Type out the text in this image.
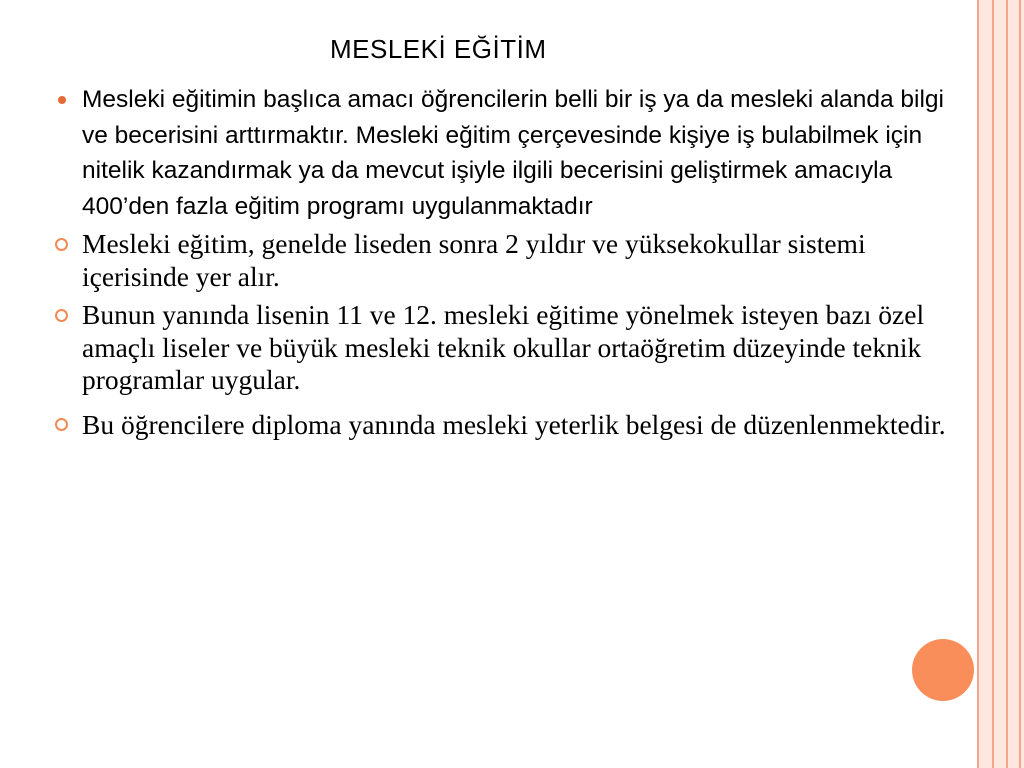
MESLEKİ EĞİTİM
Mesleki eğitimin başlıca amacı öğrencilerin belli bir iş ya da mesleki alanda bilgi ve becerisini arttırmaktır. Mesleki eğitim çerçevesinde kişiye iş bulabilmek için nitelik kazandırmak ya da mevcut işiyle ilgili becerisini geliştirmek amacıyla 400’den fazla eğitim programı uygulanmaktadır
Mesleki eğitim, genelde liseden sonra 2 yıldır ve yüksekokullar sistemi içerisinde yer alır.
Bunun yanında lisenin 11 ve 12. mesleki eğitime yönelmek isteyen bazı özel amaçlı liseler ve büyük mesleki teknik okullar ortaöğretim düzeyinde teknik programlar uygular.
Bu öğrencilere diploma yanında mesleki yeterlik belgesi de düzenlenmektedir.
